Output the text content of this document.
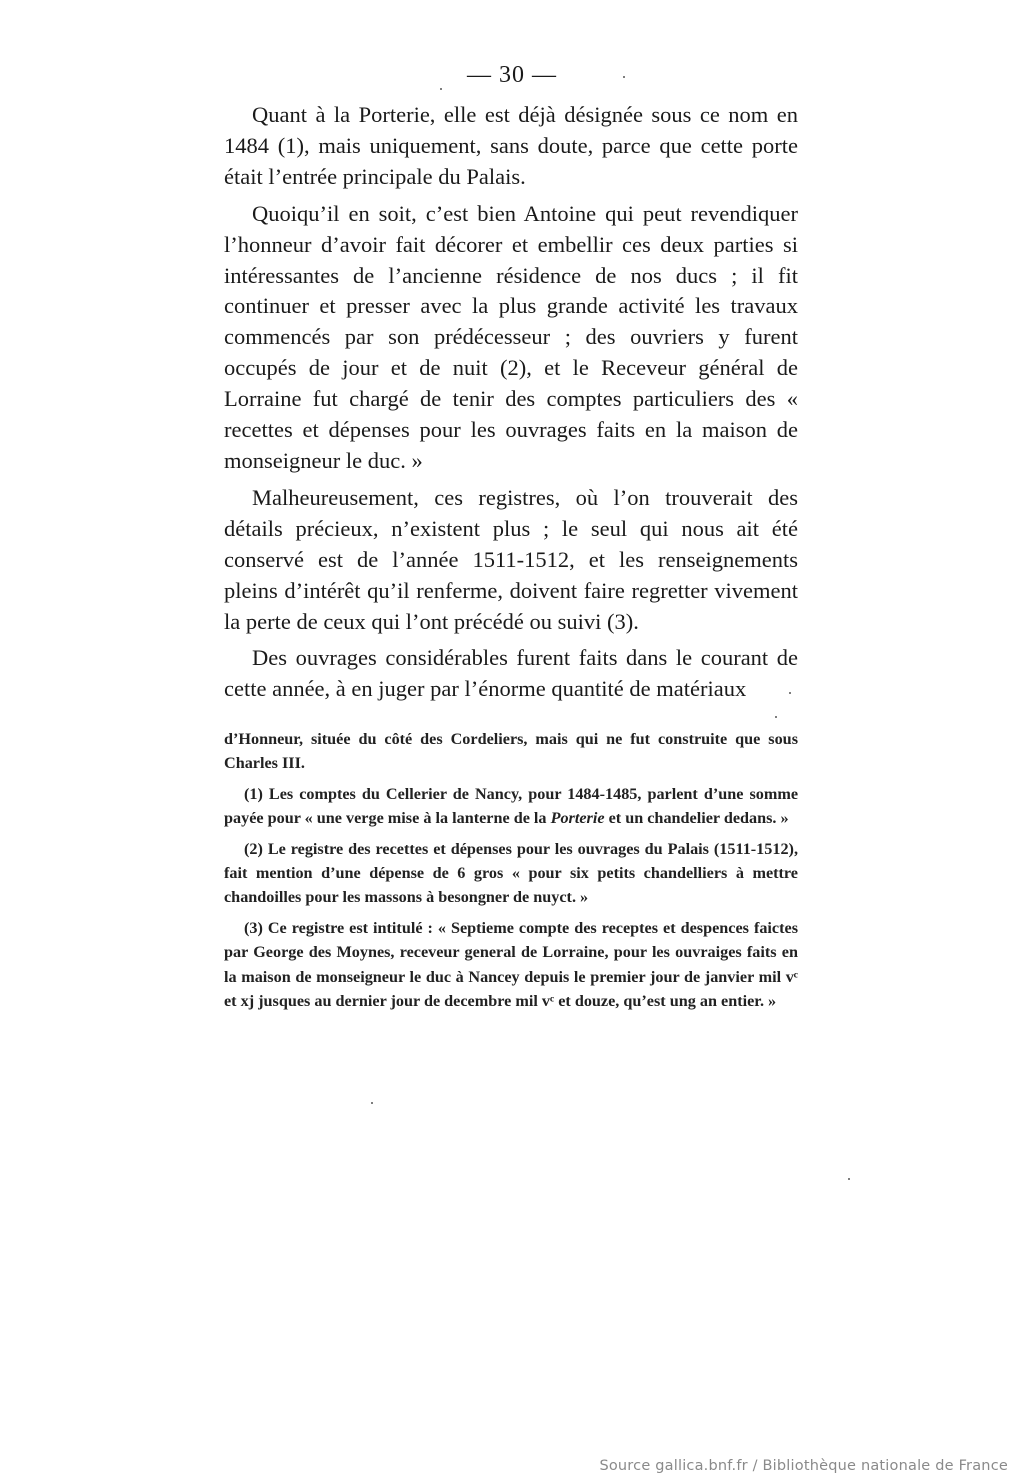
— 30 —

Quant à la Porterie, elle est déjà désignée sous ce nom en 1484 (1), mais uniquement, sans doute, parce que cette porte était l’entrée principale du Palais.

Quoiqu’il en soit, c’est bien Antoine qui peut revendiquer l’honneur d’avoir fait décorer et embellir ces deux parties si intéressantes de l’ancienne résidence de nos ducs ; il fit continuer et presser avec la plus grande activité les travaux commencés par son prédécesseur ; des ouvriers y furent occupés de jour et de nuit (2), et le Receveur général de Lorraine fut chargé de tenir des comptes particuliers des « recettes et dépenses pour les ouvrages faits en la maison de monseigneur le duc. »

Malheureusement, ces registres, où l’on trouverait des détails précieux, n’existent plus ; le seul qui nous ait été conservé est de l’année 1511-1512, et les renseignements pleins d’intérêt qu’il renferme, doivent faire regretter vivement la perte de ceux qui l’ont précédé ou suivi (3).

Des ouvrages considérables furent faits dans le courant de cette année, à en juger par l’énorme quantité de matériaux

d’Honneur, située du côté des Cordeliers, mais qui ne fut construite que sous Charles III.

(1) Les comptes du Cellerier de Nancy, pour 1484-1485, parlent d’une somme payée pour « une verge mise à la lanterne de la Porterie et un chandelier dedans. »

(2) Le registre des recettes et dépenses pour les ouvrages du Palais (1511-1512), fait mention d’une dépense de 6 gros « pour six petits chandelliers à mettre chandoilles pour les massons à besongner de nuyct. »

(3) Ce registre est intitulé : « Septieme compte des receptes et despences faictes par George des Moynes, receveur general de Lorraine, pour les ouvraiges faits en la maison de monseigneur le duc à Nancey depuis le premier jour de janvier mil vᶜ et xj jusques au dernier jour de decembre mil vᶜ et douze, qu’est ung an entier. »

Source gallica.bnf.fr / Bibliothèque nationale de France
